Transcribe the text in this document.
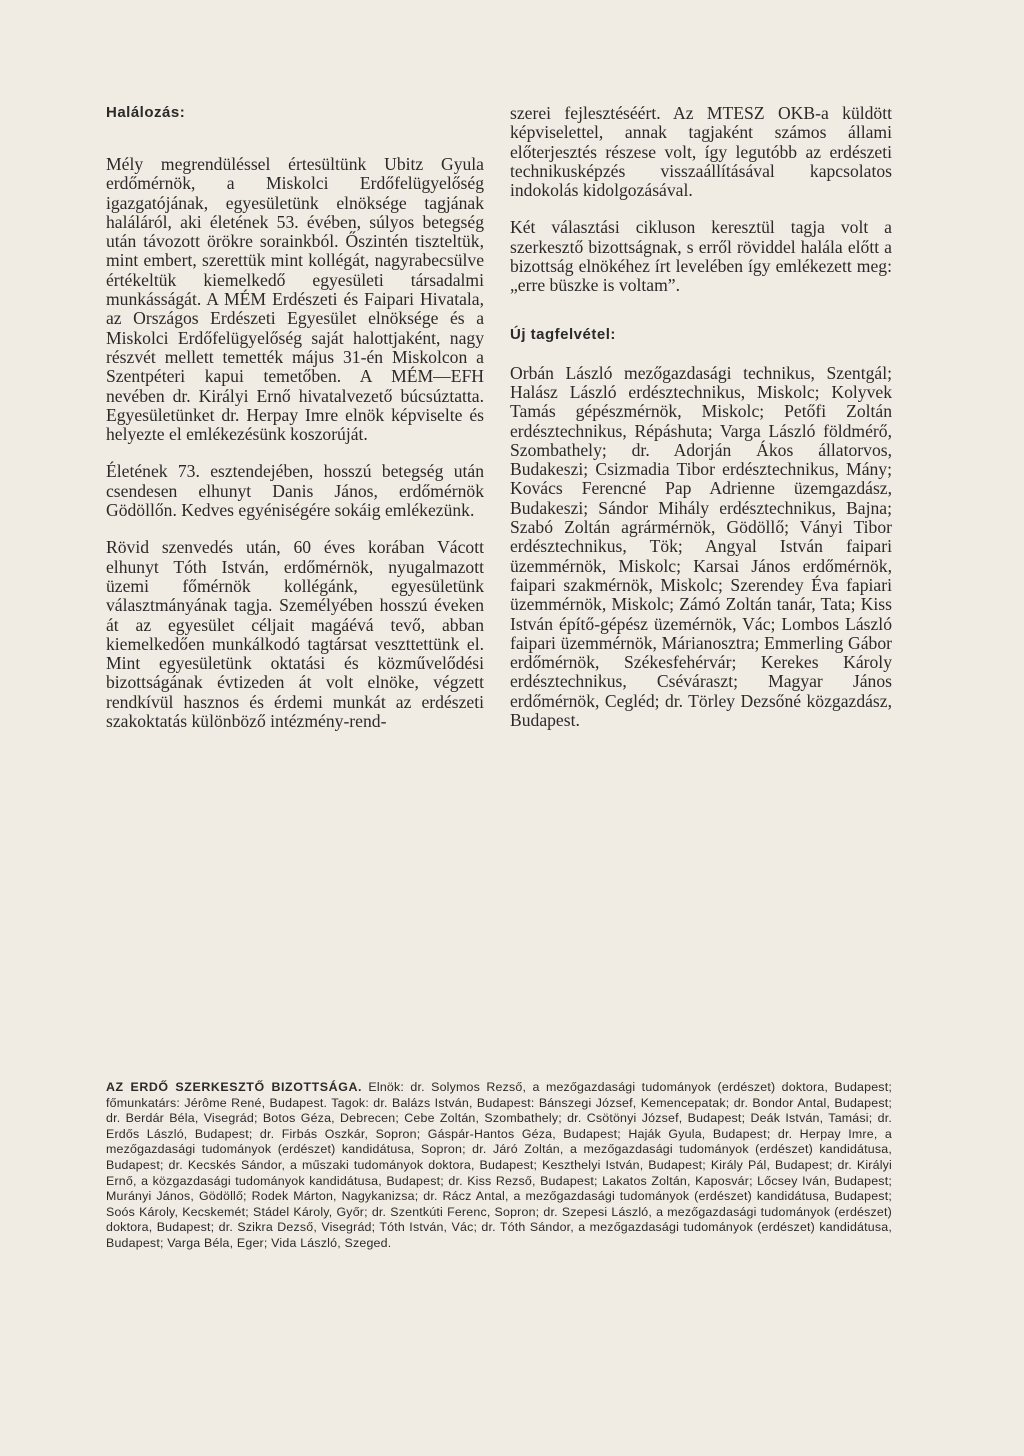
Halálozás:

Mély megrendüléssel értesültünk Ubitz Gyula erdőmérnök, a Miskolci Erdőfelügyelőség igazgatójának, egyesületünk elnöksége tagjának haláláról, aki életének 53. évében, súlyos betegség után távozott örökre sorainkból. Őszintén tiszteltük, mint embert, szerettük mint kollégát, nagyrabecsülve értékeltük kiemelkedő egyesületi társadalmi munkásságát. A MÉM Erdészeti és Faipari Hivatala, az Országos Erdészeti Egyesület elnöksége és a Miskolci Erdőfelügyelőség saját halottjaként, nagy részvét mellett temették május 31-én Miskolcon a Szentpéteri kapui temetőben. A MÉM—EFH nevében dr. Királyi Ernő hivatalvezető búcsúztatta. Egyesületünket dr. Herpay Imre elnök képviselte és helyezte el emlékezésünk koszorúját.

Életének 73. esztendejében, hosszú betegség után csendesen elhunyt Danis János, erdőmérnök Gödöllőn. Kedves egyéniségére sokáig emlékezünk.

Rövid szenvedés után, 60 éves korában Vácott elhunyt Tóth István, erdőmérnök, nyugalmazott üzemi főmérnök kollégánk, egyesületünk választmányának tagja. Személyében hosszú éveken át az egyesület céljait magáévá tevő, abban kiemelkedően munkálkodó tagtársat veszttettünk el. Mint egyesületünk oktatási és közművelődési bizottságának évtizeden át volt elnöke, végzett rendkívül hasznos és érdemi munkát az erdészeti szakoktatás különböző intézmény-rend-

szerei fejlesztéséért. Az MTESZ OKB-a küldött képviselettel, annak tagjaként számos állami előterjesztés részese volt, így legutóbb az erdészeti technikusképzés visszaállításával kapcsolatos indokolás kidolgozásával.

Két választási cikluson keresztül tagja volt a szerkesztő bizottságnak, s erről röviddel halála előtt a bizottság elnökéhez írt levelében így emlékezett meg: „erre büszke is voltam”.

Új tagfelvétel:

Orbán László mezőgazdasági technikus, Szentgál; Halász László erdésztechnikus, Miskolc; Kolyvek Tamás gépészmérnök, Miskolc; Petőfi Zoltán erdésztechnikus, Répáshuta; Varga László földmérő, Szombathely; dr. Adorján Ákos állatorvos, Budakeszi; Csizmadia Tibor erdésztechnikus, Mány; Kovács Ferencné Pap Adrienne üzemgazdász, Budakeszi; Sándor Mihály erdésztechnikus, Bajna; Szabó Zoltán agrármérnök, Gödöllő; Ványi Tibor erdésztechnikus, Tök; Angyal István faipari üzemmérnök, Miskolc; Karsai János erdőmérnök, faipari szakmérnök, Miskolc; Szerendey Éva fapiari üzemmérnök, Miskolc; Zámó Zoltán tanár, Tata; Kiss István építő-gépész üzemérnök, Vác; Lombos László faipari üzemmérnök, Márianosztra; Emmerling Gábor erdőmérnök, Székesfehérvár; Kerekes Károly erdésztechnikus, Cséváraszt; Magyar János erdőmérnök, Cegléd; dr. Törley Dezsőné közgazdász, Budapest.

AZ ERDŐ SZERKESZTŐ BIZOTTSÁGA. Elnök: dr. Solymos Rezső, a mezőgazdasági tudományok (erdészet) doktora, Budapest; főmunkatárs: Jérôme René, Budapest. Tagok: dr. Balázs István, Budapest: Bánszegi József, Kemencepatak; dr. Bondor Antal, Budapest; dr. Berdár Béla, Visegrád; Botos Géza, Debrecen; Cebe Zoltán, Szombathely; dr. Csötönyi József, Budapest; Deák István, Tamási; dr. Erdős László, Budapest; dr. Firbás Oszkár, Sopron; Gáspár-Hantos Géza, Budapest; Haják Gyula, Budapest; dr. Herpay Imre, a mezőgazdasági tudományok (erdészet) kandidátusa, Sopron; dr. Járó Zoltán, a mezőgazdasági tudományok (erdészet) kandidátusa, Budapest; dr. Kecskés Sándor, a műszaki tudományok doktora, Budapest; Keszthelyi István, Budapest; Király Pál, Budapest; dr. Királyi Ernő, a közgazdasági tudományok kandidátusa, Budapest; dr. Kiss Rezső, Budapest; Lakatos Zoltán, Kaposvár; Lőcsey Iván, Budapest; Murányi János, Gödöllő; Rodek Márton, Nagykanizsa; dr. Rácz Antal, a mezőgazdasági tudományok (erdészet) kandidátusa, Budapest; Soós Károly, Kecskemét; Stádel Károly, Győr; dr. Szentkúti Ferenc, Sopron; dr. Szepesi László, a mezőgazdasági tudományok (erdészet) doktora, Budapest; dr. Szikra Dezső, Visegrád; Tóth István, Vác; dr. Tóth Sándor, a mezőgazdasági tudományok (erdészet) kandidátusa, Budapest; Varga Béla, Eger; Vida László, Szeged.
